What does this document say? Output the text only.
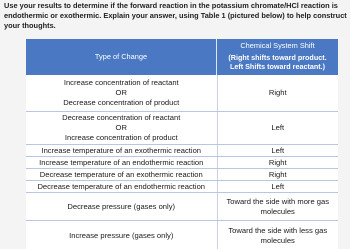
Use your results to determine if the forward reaction in the potassium chromate/HCl reaction is endothermic or exothermic. Explain your answer, using Table 1 (pictured below) to help construct your thoughts.
Type of Change	Chemical System Shift
(Right shifts toward product.
Left Shifts toward reactant.)

Increase concentration of reactant
OR
Decrease concentration of product	Right

Decrease concentration of reactant
OR
Increase concentration of product	Left

Increase temperature of an exothermic reaction	Left

Increase temperature of an endothermic reaction	Right

Decrease temperature of an exothermic reaction	Right

Decrease temperature of an endothermic reaction	Left

Decrease pressure (gases only)	Toward the side with more gas
molecules

Increase pressure (gases only)	Toward the side with less gas
molecules
